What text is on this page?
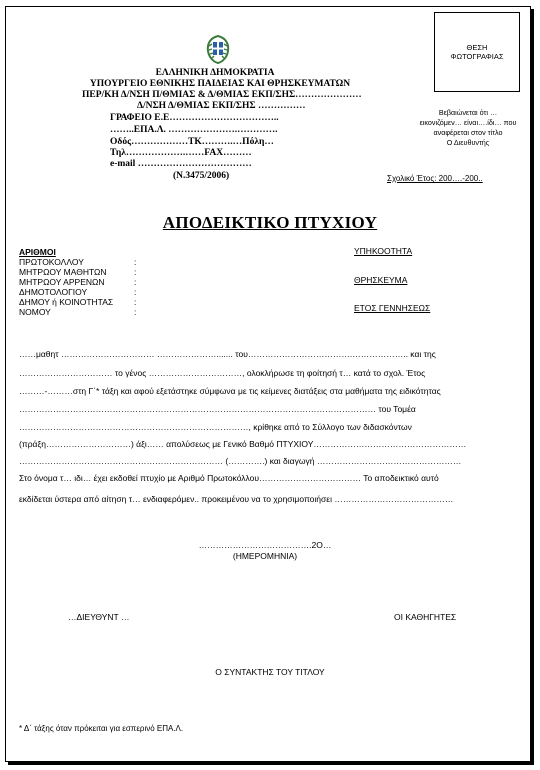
ΕΛΛΗΝΙΚΗ ΔΗΜΟΚΡΑΤΙΑ
ΥΠΟΥΡΓΕΙΟ ΕΘΝΙΚΗΣ ΠΑΙΔΕΙΑΣ ΚΑΙ ΘΡΗΣΚΕΥΜΑΤΩΝ
ΠΕΡ/ΚΗ Δ/ΝΣΗ Π/ΘΜΙΑΣ & Δ/ΘΜΙΑΣ ΕΚΠ/ΣΗΣ…………………
Δ/ΝΣΗ Δ/ΘΜΙΑΣ ΕΚΠ/ΣΗΣ ……………
ΓΡΑΦΕΙΟ Ε.Ε……………………………..
……..ΕΠΑ.Λ. ………………….………….
Οδός………………ΤΚ……….…Πόλη…
Τηλ……………….……FAX………
e-mail ………………………………
(Ν.3475/2006)
ΘΕΣΗ
ΦΩΤΟΓΡΑΦΙΑΣ
Βεβαιώνεται ότι …
εικονιζόμεν… είναι….ίδι… που
αναφέρεται στον τίτλο
Ο Διευθυντής
Σχολικό Έτος: 200….-200..
ΑΠΟΔΕΙΚΤΙΚΟ ΠΤΥΧΙΟΥ
ΑΡΙΘΜΟΙ
ΠΡΩΤΟΚΟΛΛΟΥ
ΜΗΤΡΩΟΥ ΜΑΘΗΤΩΝ
ΜΗΤΡΩΟΥ ΑΡΡΕΝΩΝ
ΔΗΜΟΤΟΛΟΓΙΟΥ
ΔΗΜΟΥ ή ΚΟΙΝΟΤΗΤΑΣ
ΝΟΜΟΥ
:
:
:
:
:
:
ΥΠΗΚΟΟΤΗΤΑ
ΘΡΗΣΚΕΥΜΑ
ΕΤΟΣ ΓΕΝΝΗΣΕΩΣ
……μαθητ …………………………… …………………....... του……………………………….……………….. και της
…………………………… το γένος ……………………………, ολοκλήρωσε τη φοίτησή τ… κατά το σχολ. Έτος
………-………στη Γ΄* τάξη και αφού εξετάστηκε σύμφωνα με τις κείμενες διατάξεις στα μαθήματα της ειδικότητας
……………………………………………………………………………………………………………… του Τομέα
………………………………………………………………………, κρίθηκε από το Σύλλογο των διδασκόντων
(πράξη…………………………) άξι…… απολύσεως με Γενικό Βαθμό ΠΤΥΧΙΟΥ………………………………………………
……………………………………………………………… (………….) και διαγωγή ……………………………………………
Στο όνομα τ… ιδι… έχει εκδοθεί πτυχίο με Αριθμό Πρωτοκόλλου……………………………… Το αποδεικτικό αυτό
εκδίδεται ύστερα από αίτηση τ… ενδιαφερόμεν.. προκειμένου να το χρησιμοποιήσει ……………………………………
………………………………….2Ο…
(ΗΜΕΡΟΜΗΝΙΑ)
…ΔΙΕΥΘΥΝΤ …	ΟΙ ΚΑΘΗΓΗΤΕΣ
Ο ΣΥΝΤΑΚΤΗΣ ΤΟΥ ΤΙΤΛΟΥ
* Δ΄ τάξης όταν πρόκειται για εσπερινό ΕΠΑ.Λ.
